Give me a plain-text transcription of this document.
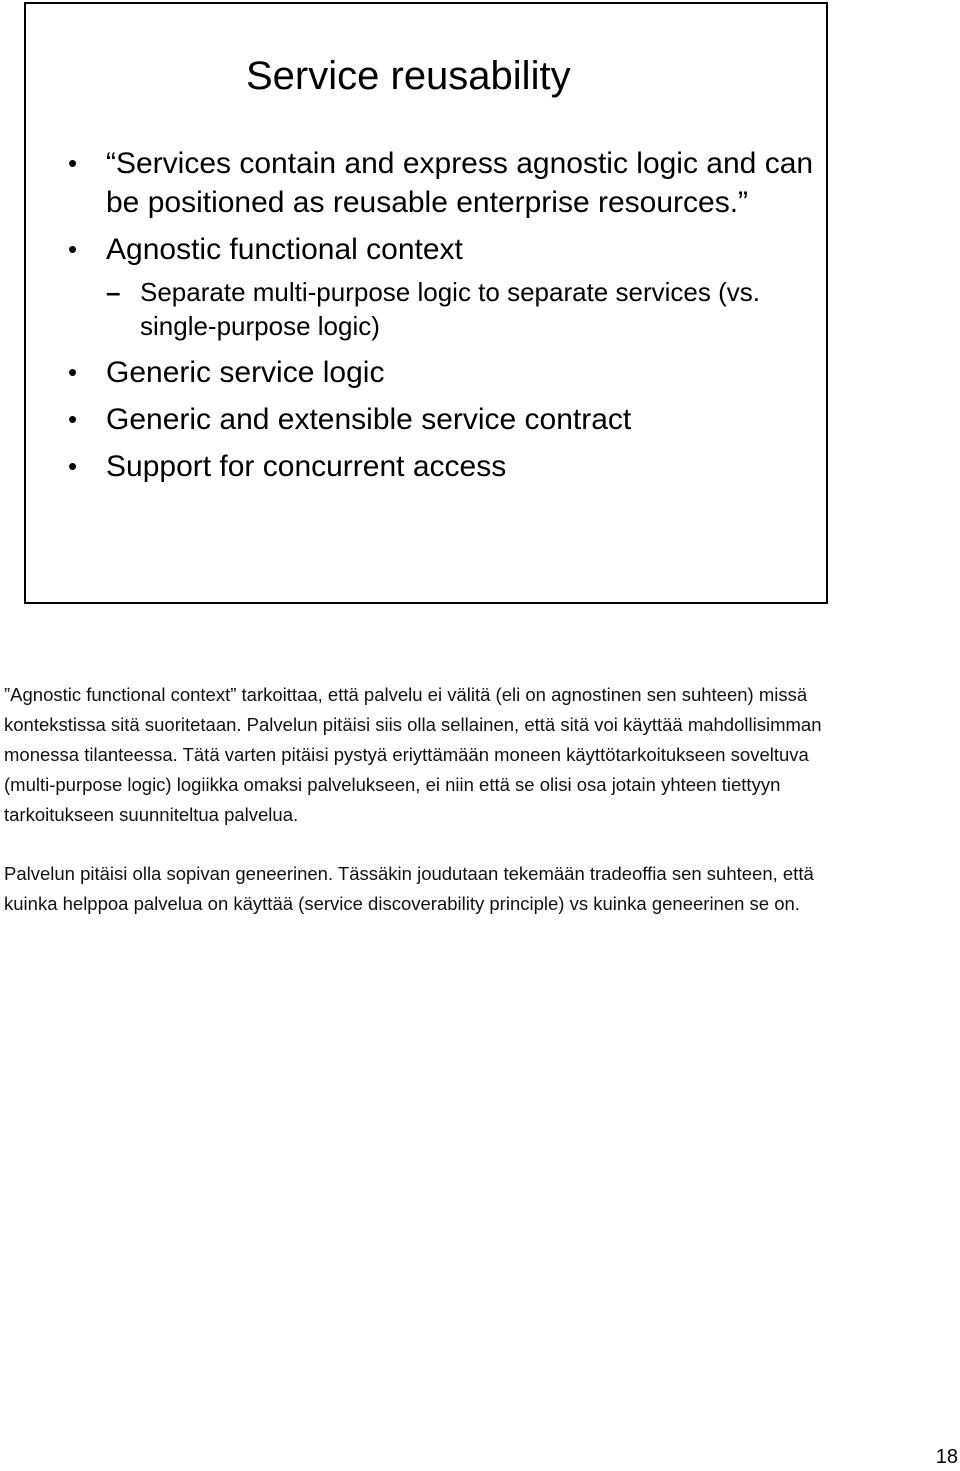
Service reusability
• “Services contain and express agnostic logic and can be positioned as reusable enterprise resources.”
• Agnostic functional context
– Separate multi-purpose logic to separate services (vs. single-purpose logic)
• Generic service logic
• Generic and extensible service contract
• Support for concurrent access

”Agnostic functional context” tarkoittaa, että palvelu ei välitä (eli on agnostinen sen suhteen) missä kontekstissa sitä suoritetaan. Palvelun pitäisi siis olla sellainen, että sitä voi käyttää mahdollisimman monessa tilanteessa. Tätä varten pitäisi pystyä eriyttämään moneen käyttötarkoitukseen soveltuva (multi-purpose logic) logiikka omaksi palvelukseen, ei niin että se olisi osa jotain yhteen tiettyyn tarkoitukseen suunniteltua palvelua.

Palvelun pitäisi olla sopivan geneerinen. Tässäkin joudutaan tekemään tradeoffia sen suhteen, että kuinka helppoa palvelua on käyttää (service discoverability principle) vs kuinka geneerinen se on.

18
